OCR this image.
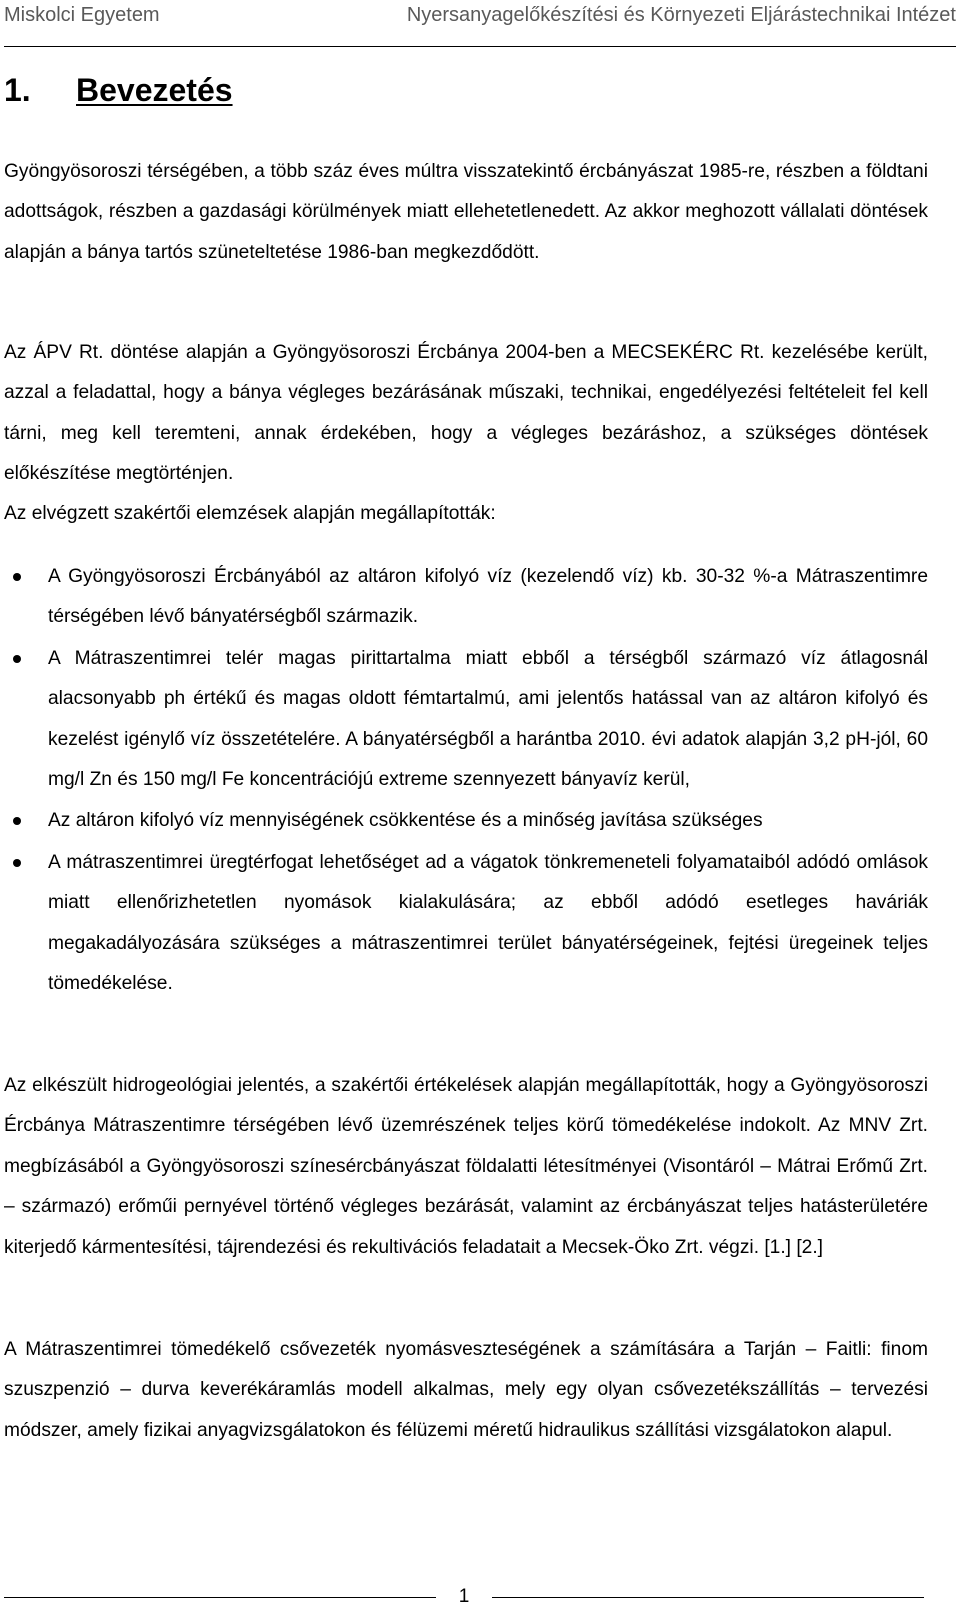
Miskolci Egyetem	Nyersanyagelőkészítési és Környezeti Eljárástechnikai Intézet
1. Bevezetés
Gyöngyösoroszi térségében, a több száz éves múltra visszatekintő ércbányászat 1985-re, részben a földtani adottságok, részben a gazdasági körülmények miatt ellehetetlenedett. Az akkor meghozott vállalati döntések alapján a bánya tartós szüneteltetése 1986-ban megkezdődött.
Az ÁPV Rt. döntése alapján a Gyöngyösoroszi Ércbánya 2004-ben a MECSEKÉRC Rt. kezelésébe került, azzal a feladattal, hogy a bánya végleges bezárásának műszaki, technikai, engedélyezési feltételeit fel kell tárni, meg kell teremteni, annak érdekében, hogy a végleges bezáráshoz, a szükséges döntések előkészítése megtörténjen.
Az elvégzett szakértői elemzések alapján megállapították:
A Gyöngyösoroszi Ércbányából az altáron kifolyó víz (kezelendő víz) kb. 30-32 %-a Mátraszentimre térségében lévő bányatérségből származik.
A Mátraszentimrei telér magas pirittartalma miatt ebből a térségből származó víz átlagosnál alacsonyabb ph értékű és magas oldott fémtartalmú, ami jelentős hatással van az altáron kifolyó és kezelést igénylő víz összetételére. A bányatérségből a harántba 2010. évi adatok alapján 3,2 pH-jól, 60 mg/l Zn és 150 mg/l Fe koncentrációjú extreme szennyezett bányavíz kerül,
Az altáron kifolyó víz mennyiségének csökkentése és a minőség javítása szükséges
A mátraszentimrei üregtérfogat lehetőséget ad a vágatok tönkremeneteli folyamataiból adódó omlások miatt ellenőrizhetetlen nyomások kialakulására; az ebből adódó esetleges haváriák megakadályozására szükséges a mátraszentimrei terület bányatérségeinek, fejtési üregeinek teljes tömedékelése.
Az elkészült hidrogeológiai jelentés, a szakértői értékelések alapján megállapították, hogy a Gyöngyösoroszi Ércbánya Mátraszentimre térségében lévő üzemrészének teljes körű tömedékelése indokolt. Az MNV Zrt. megbízásából a Gyöngyösoroszi színesércbányászat földalatti létesítményei (Visontáról – Mátrai Erőmű Zrt. – származó) erőműi pernyével történő végleges bezárását, valamint az ércbányászat teljes hatásterületére kiterjedő kármentesítési, tájrendezési és rekultivációs feladatait a Mecsek-Öko Zrt. végzi. [1.] [2.]
A Mátraszentimrei tömedékelő csővezeték nyomásveszteségének a számítására a Tarján – Faitli: finom szuszpenzió – durva keverékáramlás modell alkalmas, mely egy olyan csővezetékszállítás – tervezési módszer, amely fizikai anyagvizsgálatokon és félüzemi méretű hidraulikus szállítási vizsgálatokon alapul.
1
